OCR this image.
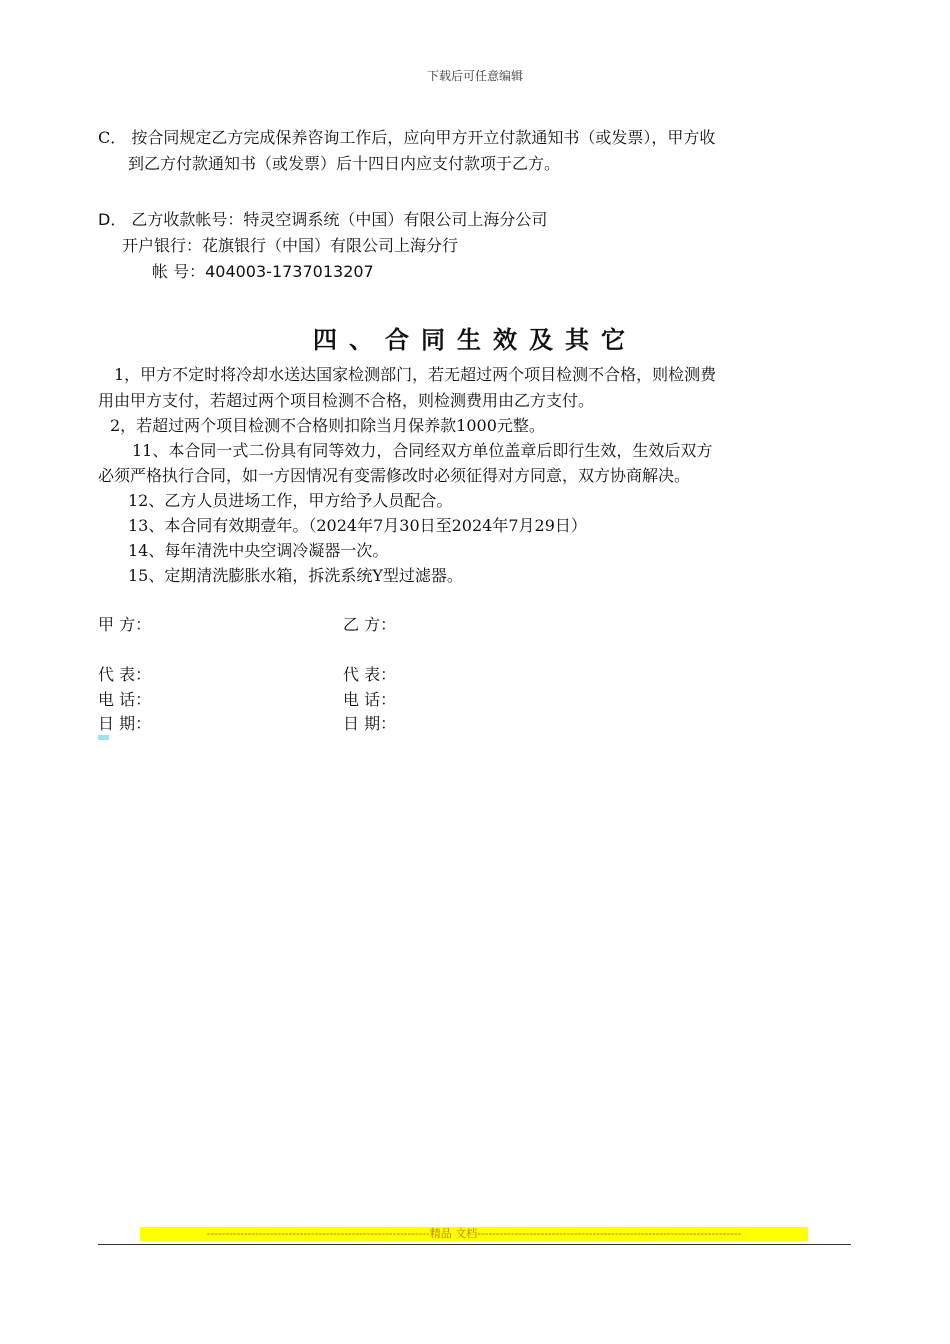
下载后可任意编辑
C． 按合同规定乙方完成保养咨询工作后，应向甲方开立付款通知书（或发票），甲方收
到乙方付款通知书（或发票）后十四日内应支付款项于乙方。
D． 乙方收款帐号：特灵空调系统（中国）有限公司上海分公司
开户银行：花旗银行（中国）有限公司上海分行
帐 号：404003-1737013207
四、合同生效及其它
1，甲方不定时将冷却水送达国家检测部门，若无超过两个项目检测不合格，则检测费
用由甲方支付，若超过两个项目检测不合格，则检测费用由乙方支付。
2，若超过两个项目检测不合格则扣除当月保养款1000元整。
11、本合同一式二份具有同等效力，合同经双方单位盖章后即行生效，生效后双方
必须严格执行合同，如一方因情况有变需修改时必须征得对方同意，双方协商解决。
12、乙方人员进场工作，甲方给予人员配合。
13、本合同有效期壹年。（2024年7月30日至2024年7月29日）
14、每年清洗中央空调冷凝器一次。
15、定期清洗膨胀水箱，拆洗系统Y型过滤器。
甲 方：	乙 方：
代 表：	代 表：
电 话：	电 话：
日 期：	日 期：
------------------------------------------------------------精品 文档-----------------------------------------------------------------------
